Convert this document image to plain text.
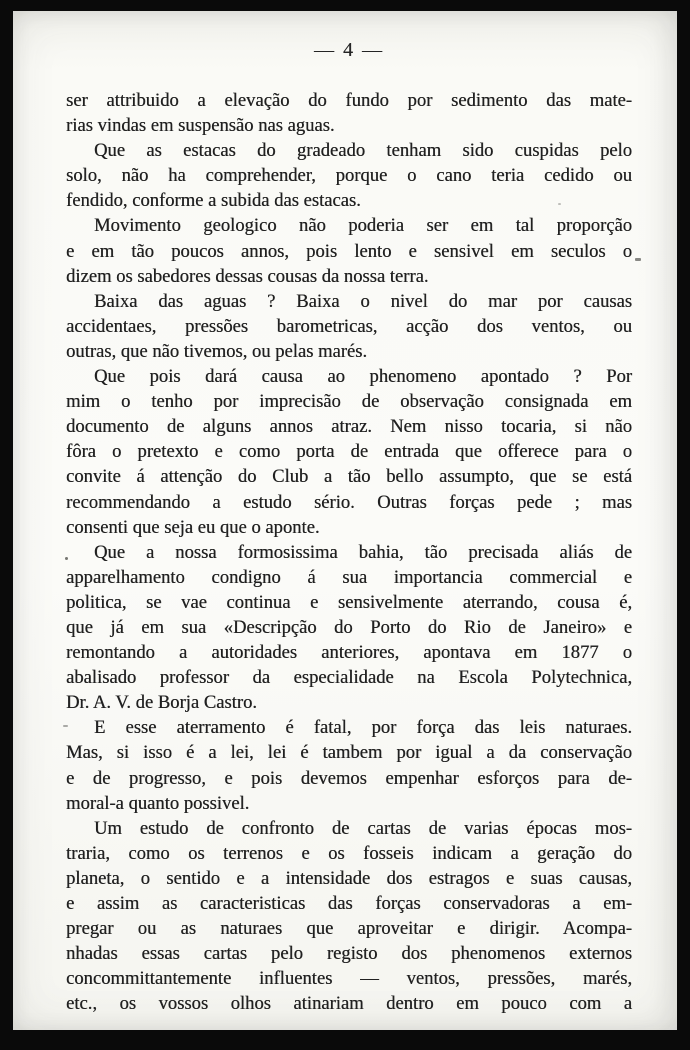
— 4 —
ser attribuido a elevação do fundo por sedimento das mate-
rias vindas em suspensão nas aguas.
Que as estacas do gradeado tenham sido cuspidas pelo
solo, não ha comprehender, porque o cano teria cedido ou
fendido, conforme a subida das estacas.
Movimento geologico não poderia ser em tal proporção
e em tão poucos annos, pois lento e sensivel em seculos o
dizem os sabedores dessas cousas da nossa terra.
Baixa das aguas ? Baixa o nivel do mar por causas
accidentaes, pressões barometricas, acção dos ventos, ou
outras, que não tivemos, ou pelas marés.
Que pois dará causa ao phenomeno apontado ? Por
mim o tenho por imprecisão de observação consignada em
documento de alguns annos atraz. Nem nisso tocaria, si não
fôra o pretexto e como porta de entrada que offerece para o
convite á attenção do Club a tão bello assumpto, que se está
recommendando a estudo sério. Outras forças pede ; mas
consenti que seja eu que o aponte.
Que a nossa formosissima bahia, tão precisada aliás de
apparelhamento condigno á sua importancia commercial e
politica, se vae continua e sensivelmente aterrando, cousa é,
que já em sua «Descripção do Porto do Rio de Janeiro» e
remontando a autoridades anteriores, apontava em 1877 o
abalisado professor da especialidade na Escola Polytechnica,
Dr. A. V. de Borja Castro.
E esse aterramento é fatal, por força das leis naturaes.
Mas, si isso é a lei, lei é tambem por igual a da conservação
e de progresso, e pois devemos empenhar esforços para de-
moral-a quanto possivel.
Um estudo de confronto de cartas de varias épocas mos-
traria, como os terrenos e os fosseis indicam a geração do
planeta, o sentido e a intensidade dos estragos e suas causas,
e assim as caracteristicas das forças conservadoras a em-
pregar ou as naturaes que aproveitar e dirigir. Acompa-
nhadas essas cartas pelo registo dos phenomenos externos
concommittantemente influentes — ventos, pressões, marés,
etc., os vossos olhos atinariam dentro em pouco com a
